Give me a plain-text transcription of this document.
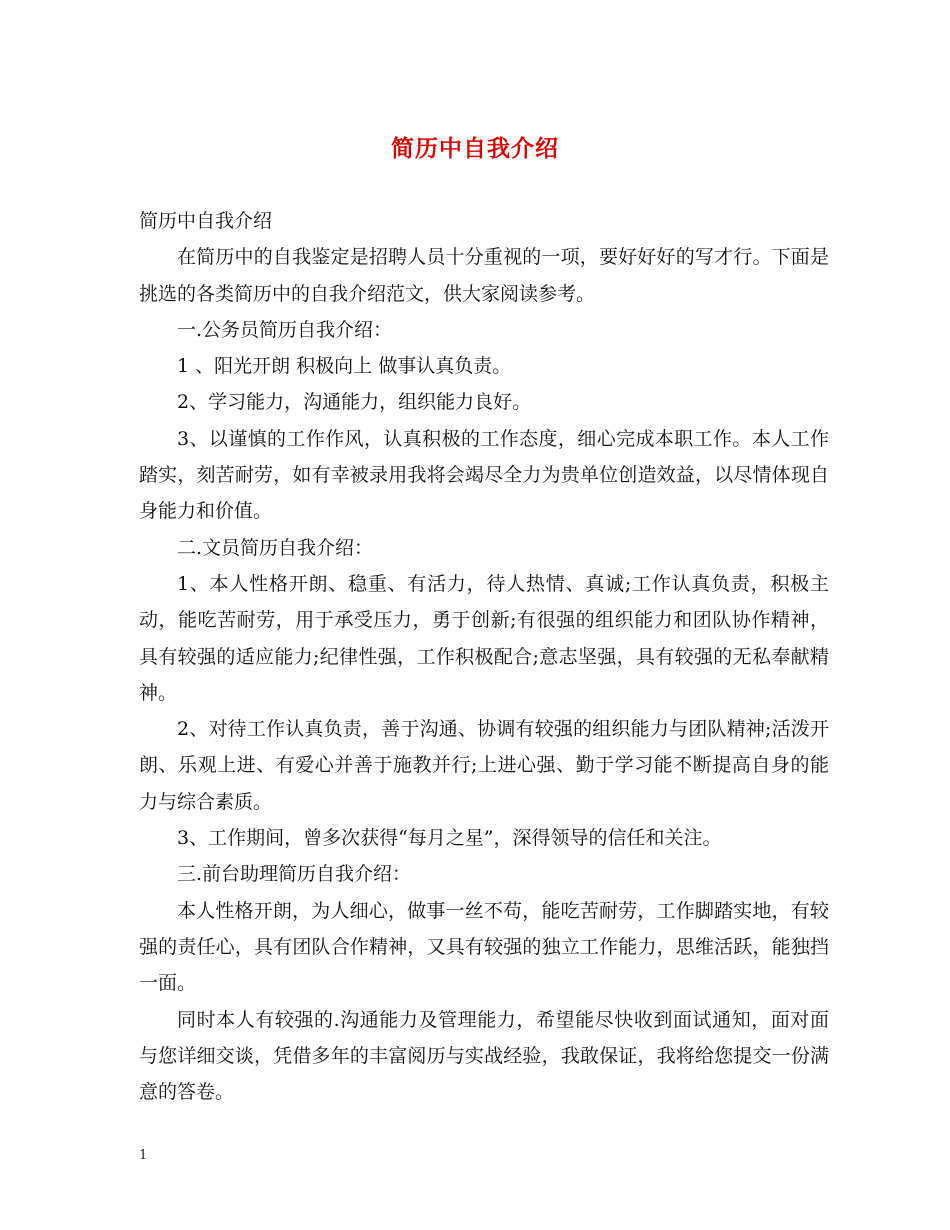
简历中自我介绍

简历中自我介绍

在简历中的自我鉴定是招聘人员十分重视的一项，要好好好的写才行。下面是挑选的各类简历中的自我介绍范文，供大家阅读参考。

一.公务员简历自我介绍：

1 、阳光开朗 积极向上 做事认真负责。

2、学习能力，沟通能力，组织能力良好。

3、以谨慎的工作作风，认真积极的工作态度，细心完成本职工作。本人工作踏实，刻苦耐劳，如有幸被录用我将会竭尽全力为贵单位创造效益，以尽情体现自身能力和价值。

二.文员简历自我介绍：

1、本人性格开朗、稳重、有活力，待人热情、真诚;工作认真负责，积极主动，能吃苦耐劳，用于承受压力，勇于创新;有很强的组织能力和团队协作精神，具有较强的适应能力;纪律性强，工作积极配合;意志坚强，具有较强的无私奉献精神。

2、对待工作认真负责，善于沟通、协调有较强的组织能力与团队精神;活泼开朗、乐观上进、有爱心并善于施教并行;上进心强、勤于学习能不断提高自身的能力与综合素质。

3、工作期间，曾多次获得“每月之星”，深得领导的信任和关注。

三.前台助理简历自我介绍：

本人性格开朗，为人细心，做事一丝不苟，能吃苦耐劳，工作脚踏实地，有较强的责任心，具有团队合作精神，又具有较强的独立工作能力，思维活跃，能独挡一面。

同时本人有较强的.沟通能力及管理能力，希望能尽快收到面试通知，面对面与您详细交谈，凭借多年的丰富阅历与实战经验，我敢保证，我将给您提交一份满意的答卷。

1
